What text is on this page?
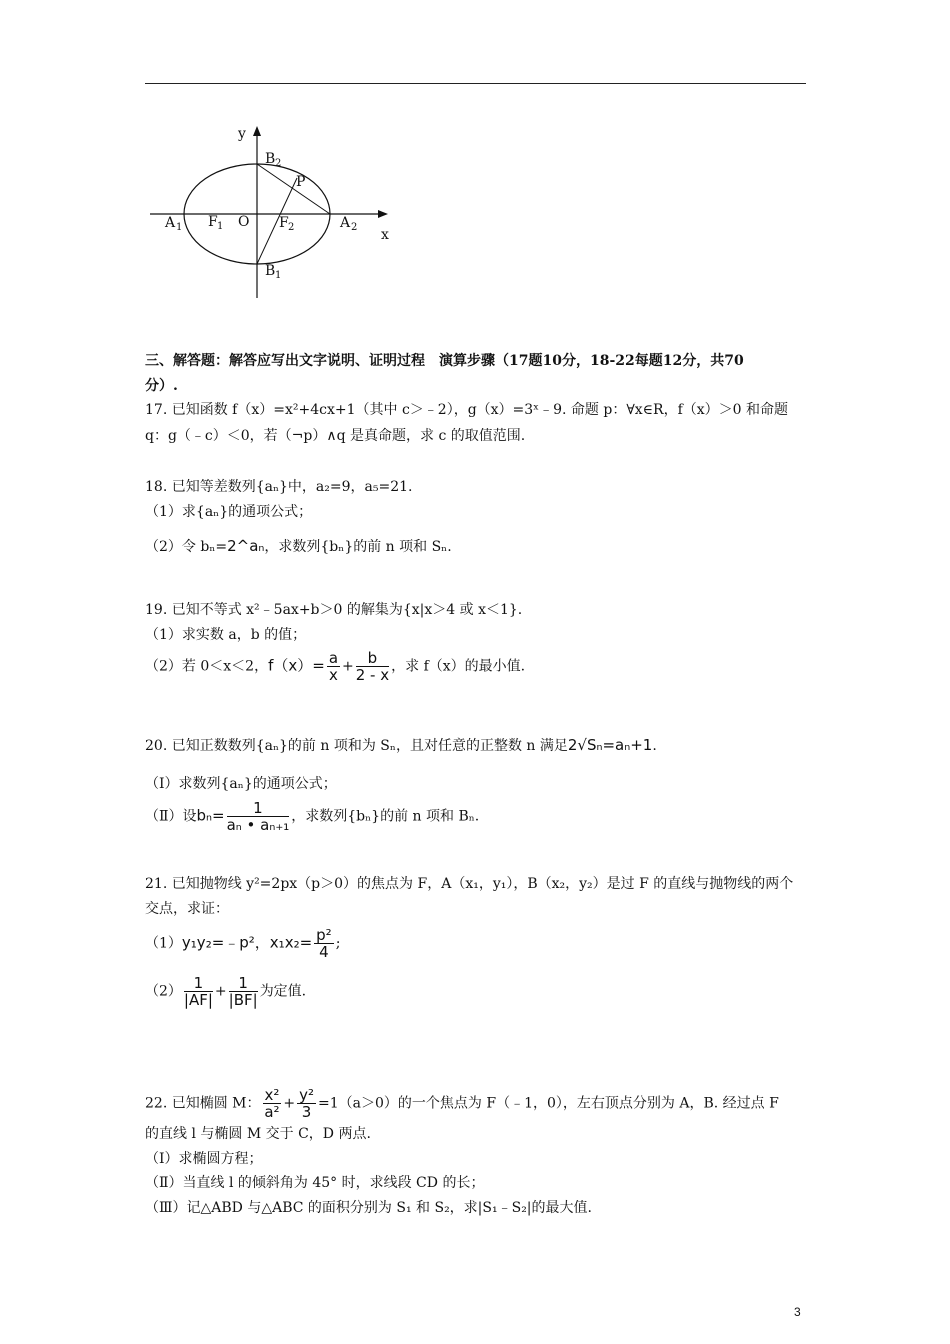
y
x
O
A 1	A 2
F 1	F 2
B 2
B 1
P
三、解答题：解答应写出文字说明、证明过程　演算步骤（17题10分，18-22每题12分，共70
分）.
17. 已知函数 f（x）=x²+4cx+1（其中 c＞﹣2），g（x）=3ˣ﹣9. 命题 p：∀x∈R，f（x）＞0 和命题
q：g（﹣c）＜0，若（¬p）∧q 是真命题，求 c 的取值范围.
18. 已知等差数列{aₙ}中，a₂=9，a₅=21.
（1）求{aₙ}的通项公式；
（2）令 bₙ=2^aₙ，求数列{bₙ}的前 n 项和 Sₙ.
19. 已知不等式 x²﹣5ax+b＞0 的解集为{x|x＞4 或 x＜1}.
（1）求实数 a，b 的值；
（2）若 0＜x＜2，$f(x)= \frac{a}{x} + \frac{b}{2 - x}$ ，求 f（x）的最小值.
20. 已知正数数列{aₙ}的前 n 项和为 Sₙ，且对任意的正整数 n 满足2√Sₙ=aₙ+1.
（Ⅰ）求数列{aₙ}的通项公式；
（Ⅱ）设$b_n= \frac{1}{\text{aₙ • aₙ₊₁}}$ ，求数列{bₙ}的前 n 项和 Bₙ.
21. 已知抛物线 y²=2px（p＞0）的焦点为 F，A（x₁，y₁），B（x₂，y₂）是过 F 的直线与抛物线的两个
交点，求证：
（1）y₁y₂=﹣p²，$x_1x_2= \frac{\text{p²}}{4}$ ;
$(2) \frac{1}{|AF|} + \frac{1}{|BF|}$ 为定值.
22. 已知椭圆 M： $\frac{\text{x²}}{\text{a²}} + \frac{\text{y²}}{3} =1(a>0)$的一个焦点为 F（﹣1，0），左右顶点分别为 A，B. 经过点 F
的直线 l 与椭圆 M 交于 C，D 两点.
（Ⅰ）求椭圆方程；
（Ⅱ）当直线 l 的倾斜角为 45° 时，求线段 CD 的长；
（Ⅲ）记△ABD 与△ABC 的面积分别为 S₁ 和 S₂，求|S₁﹣S₂|的最大值.
3
